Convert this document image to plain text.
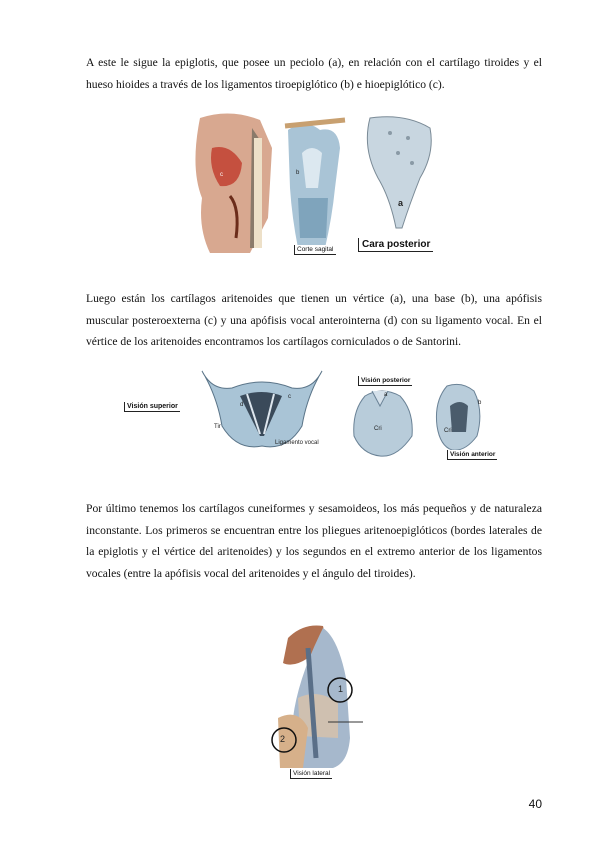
A este le sigue la epiglotis, que posee un peciolo (a), en relación con el cartílago tiroides y el hueso hioides a través de los ligamentos tiroepiglótico (b) e hioepiglótico (c).

c	b
a
Corte sagital	Cara posterior

Luego están los cartílagos aritenoides que tienen un vértice (a), una base (b), una apófisis muscular posteroexterna (c) y una apófisis vocal anterointerna (d) con su ligamento vocal. En el vértice de los aritenoides encontramos los cartílagos corniculados o de Santorini.

Visión superior	d
c
Tir
Ligamento vocal
Visión posterior
a
Cri
b
Cri
Visión anterior

Por último tenemos los cartílagos cuneiformes y sesamoideos, los más pequeños y de naturaleza inconstante. Los primeros se encuentran entre los pliegues aritenoepiglóticos (bordes laterales de la epiglotis y el vértice del aritenoides) y los segundos en el extremo anterior de los ligamentos vocales (entre la apófisis vocal del aritenoides y el ángulo del tiroides).

1
2
Visión lateral
40
